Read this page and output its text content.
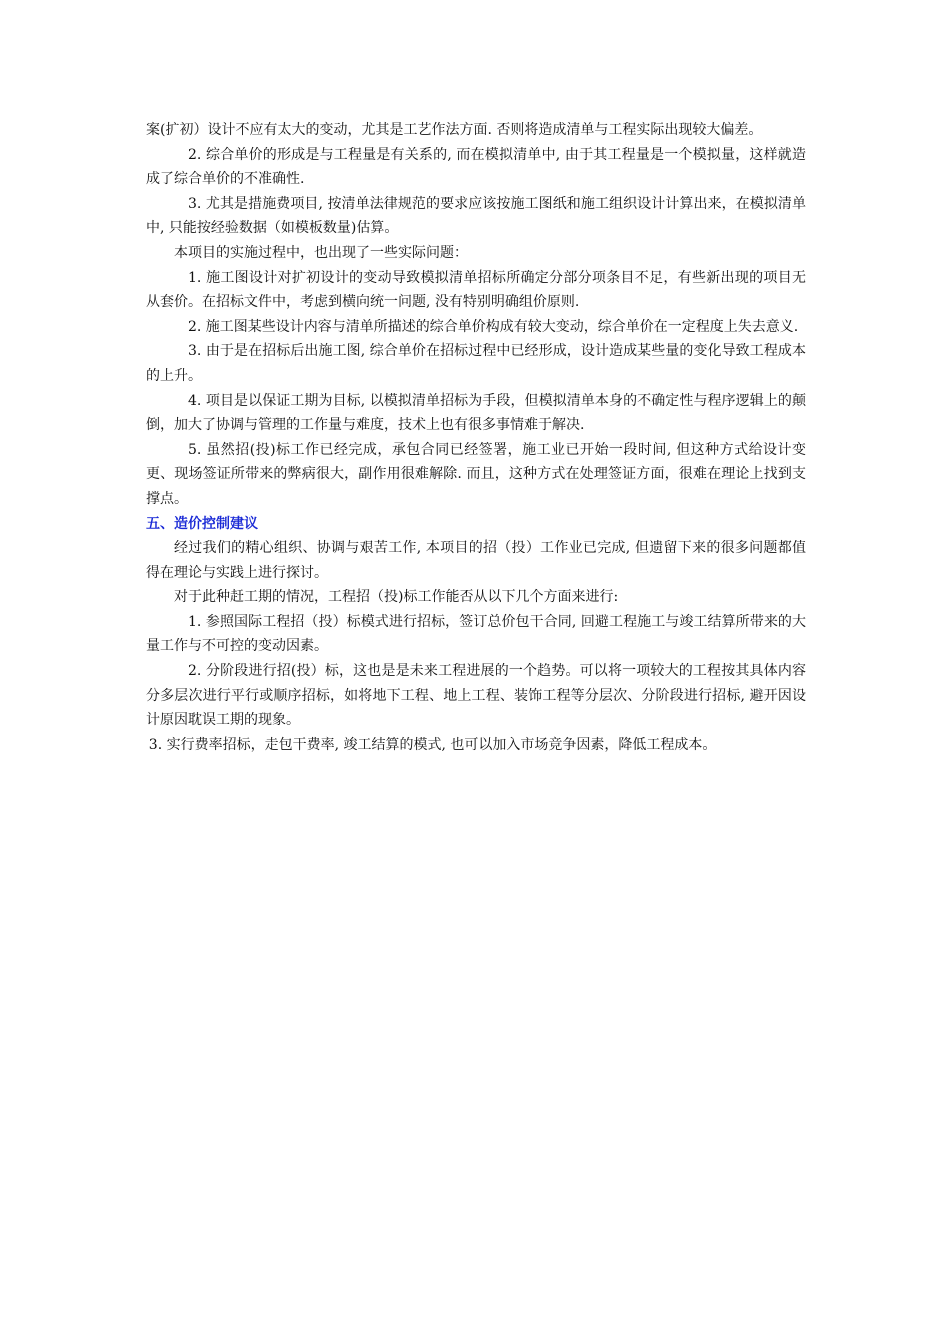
案(扩初）设计不应有太大的变动，尤其是工艺作法方面. 否则将造成清单与工程实际出现较大偏差。

2. 综合单价的形成是与工程量是有关系的, 而在模拟清单中, 由于其工程量是一个模拟量，这样就造成了综合单价的不准确性.

3. 尤其是措施费项目, 按清单法律规范的要求应该按施工图纸和施工组织设计计算出来，在模拟清单中, 只能按经验数据（如模板数量)估算。

本项目的实施过程中，也出现了一些实际问题：

1. 施工图设计对扩初设计的变动导致模拟清单招标所确定分部分项条目不足，有些新出现的项目无从套价。在招标文件中，考虑到横向统一问题, 没有特别明确组价原则.

2. 施工图某些设计内容与清单所描述的综合单价构成有较大变动，综合单价在一定程度上失去意义.

3. 由于是在招标后出施工图, 综合单价在招标过程中已经形成，设计造成某些量的变化导致工程成本的上升。

4. 项目是以保证工期为目标, 以模拟清单招标为手段，但模拟清单本身的不确定性与程序逻辑上的颠倒，加大了协调与管理的工作量与难度，技术上也有很多事情难于解决.

5. 虽然招(投)标工作已经完成，承包合同已经签署，施工业已开始一段时间, 但这种方式给设计变更、现场签证所带来的弊病很大，副作用很难解除. 而且，这种方式在处理签证方面，很难在理论上找到支撑点。

五、造价控制建议

经过我们的精心组织、协调与艰苦工作, 本项目的招（投）工作业已完成, 但遗留下来的很多问题都值得在理论与实践上进行探讨。

对于此种赶工期的情况，工程招（投)标工作能否从以下几个方面来进行:

1. 参照国际工程招（投）标模式进行招标，签订总价包干合同, 回避工程施工与竣工结算所带来的大量工作与不可控的变动因素。

2. 分阶段进行招(投）标，这也是是未来工程进展的一个趋势。可以将一项较大的工程按其具体内容分多层次进行平行或顺序招标，如将地下工程、地上工程、装饰工程等分层次、分阶段进行招标, 避开因设计原因耽误工期的现象。

3. 实行费率招标，走包干费率, 竣工结算的模式, 也可以加入市场竞争因素，降低工程成本。
